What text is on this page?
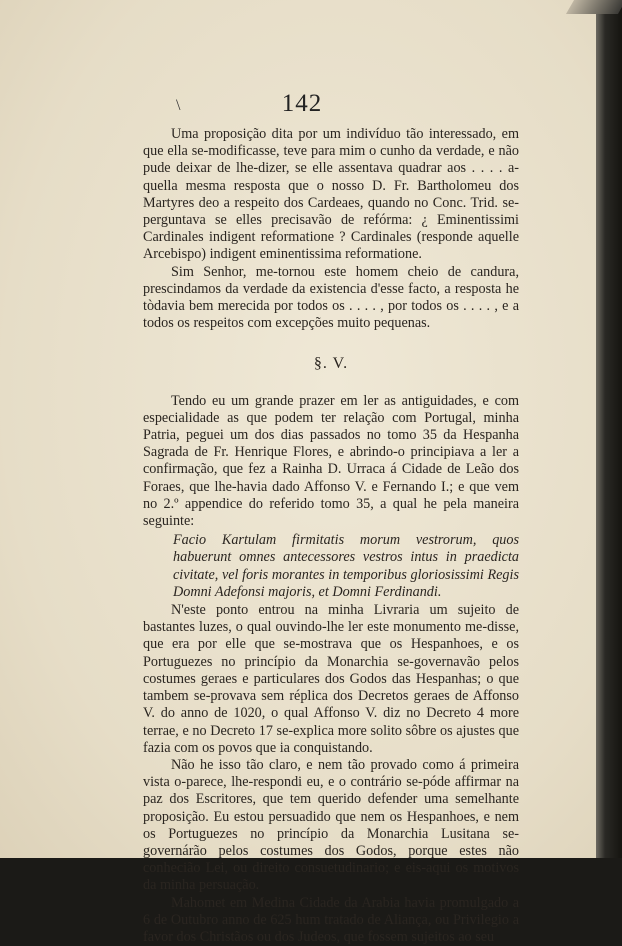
\	142

Uma proposição dita por um indivíduo tão interessado, em que ella se-modificasse, teve para mim o cunho da verdade, e não pude deixar de lhe-dizer, se elle assentava quadrar aos . . . . a-quella mesma resposta que o nosso D. Fr. Bartholomeu dos Martyres deo a respeito dos Cardeaes, quando no Conc. Trid. se-perguntava se elles precisavão de refórma: ¿ Eminentissimi Cardinales indigent reformatione ? Cardinales (responde aquelle Arcebispo) indigent eminentissima reformatione.

Sim Senhor, me-tornou este homem cheio de candura, prescindamos da verdade da existencia d'esse facto, a resposta he tòdavia bem merecida por todos os . . . . , por todos os . . . . , e a todos os respeitos com excepções muito pequenas.

§. V.

Tendo eu um grande prazer em ler as antiguidades, e com especialidade as que podem ter relação com Portugal, minha Patria, peguei um dos dias passados no tomo 35 da Hespanha Sagrada de Fr. Henrique Flores, e abrindo-o principiava a ler a confirmação, que fez a Rainha D. Urraca á Cidade de Leão dos Foraes, que lhe-havia dado Affonso V. e Fernando I.; e que vem no 2.º appendice do referido tomo 35, a qual he pela maneira seguinte:

Facio Kartulam firmitatis morum vestrorum, quos habuerunt omnes antecessores vestros intus in praedicta civitate, vel foris morantes in temporibus gloriosissimi Regis Domni Adefonsi majoris, et Domni Ferdinandi.

N'este ponto entrou na minha Livraria um sujeito de bastantes luzes, o qual ouvindo-lhe ler este monumento me-disse, que era por elle que se-mostrava que os Hespanhoes, e os Portuguezes no princípio da Monarchia se-governavão pelos costumes geraes e particulares dos Godos das Hespanhas; o que tambem se-provava sem réplica dos Decretos geraes de Affonso V. do anno de 1020, o qual Affonso V. diz no Decreto 4 more terrae, e no Decreto 17 se-explica more solito sôbre os ajustes que fazia com os povos que ia conquistando.

Não he isso tão claro, e nem tão provado como á primeira vista o-parece, lhe-respondi eu, e o contrário se-póde affirmar na paz dos Escritores, que tem querido defender uma semelhante proposição. Eu estou persuadido que nem os Hespanhoes, e nem os Portuguezes no princípio da Monarchia Lusitana se-governárão pelos costumes dos Godos, porque estes não conhecião Lei, ou direito consuetudinario; e eis-aqui os motivos da minha persuação.

Mahomet em Medina Cidade da Arabia havia promulgado a 6 de Outubro anno de 625 hum tratado de Aliança, ou Privilegio a favor dos Christãos ou dos Judeos, que fossem sujeitos ao seu
